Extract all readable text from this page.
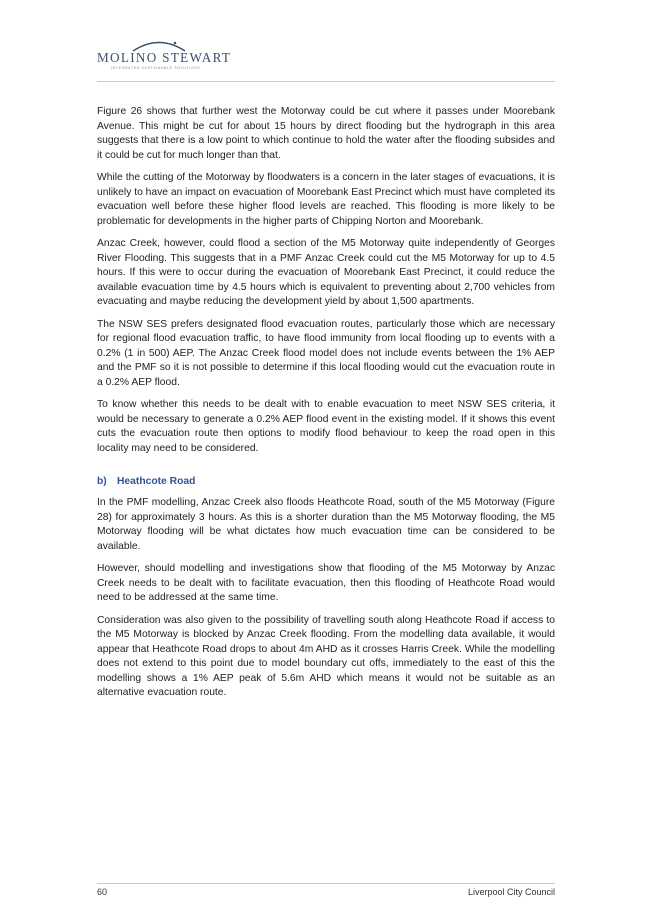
MOLINO STEWART
INTEGRATED SUSTAINABLE SOLUTIONS

Figure 26 shows that further west the Motorway could be cut where it passes under Moorebank Avenue. This might be cut for about 15 hours by direct flooding but the hydrograph in this area suggests that there is a low point to which continue to hold the water after the flooding subsides and it could be cut for much longer than that.

While the cutting of the Motorway by floodwaters is a concern in the later stages of evacuations, it is unlikely to have an impact on evacuation of Moorebank East Precinct which must have completed its evacuation well before these higher flood levels are reached. This flooding is more likely to be problematic for developments in the higher parts of Chipping Norton and Moorebank.

Anzac Creek, however, could flood a section of the M5 Motorway quite independently of Georges River Flooding. This suggests that in a PMF Anzac Creek could cut the M5 Motorway for up to 4.5 hours. If this were to occur during the evacuation of Moorebank East Precinct, it could reduce the available evacuation time by 4.5 hours which is equivalent to preventing about 2,700 vehicles from evacuating and maybe reducing the development yield by about 1,500 apartments.

The NSW SES prefers designated flood evacuation routes, particularly those which are necessary for regional flood evacuation traffic, to have flood immunity from local flooding up to events with a 0.2% (1 in 500) AEP. The Anzac Creek flood model does not include events between the 1% AEP and the PMF so it is not possible to determine if this local flooding would cut the evacuation route in a 0.2% AEP flood.

To know whether this needs to be dealt with to enable evacuation to meet NSW SES criteria, it would be necessary to generate a 0.2% AEP flood event in the existing model. If it shows this event cuts the evacuation route then options to modify flood behaviour to keep the road open in this locality may need to be considered.

b) Heathcote Road

In the PMF modelling, Anzac Creek also floods Heathcote Road, south of the M5 Motorway (Figure 28) for approximately 3 hours. As this is a shorter duration than the M5 Motorway flooding, the M5 Motorway flooding will be what dictates how much evacuation time can be considered to be available.

However, should modelling and investigations show that flooding of the M5 Motorway by Anzac Creek needs to be dealt with to facilitate evacuation, then this flooding of Heathcote Road would need to be addressed at the same time.

Consideration was also given to the possibility of travelling south along Heathcote Road if access to the M5 Motorway is blocked by Anzac Creek flooding. From the modelling data available, it would appear that Heathcote Road drops to about 4m AHD as it crosses Harris Creek. While the modelling does not extend to this point due to model boundary cut offs, immediately to the east of this the modelling shows a 1% AEP peak of 5.6m AHD which means it would not be suitable as an alternative evacuation route.

60	Liverpool City Council
